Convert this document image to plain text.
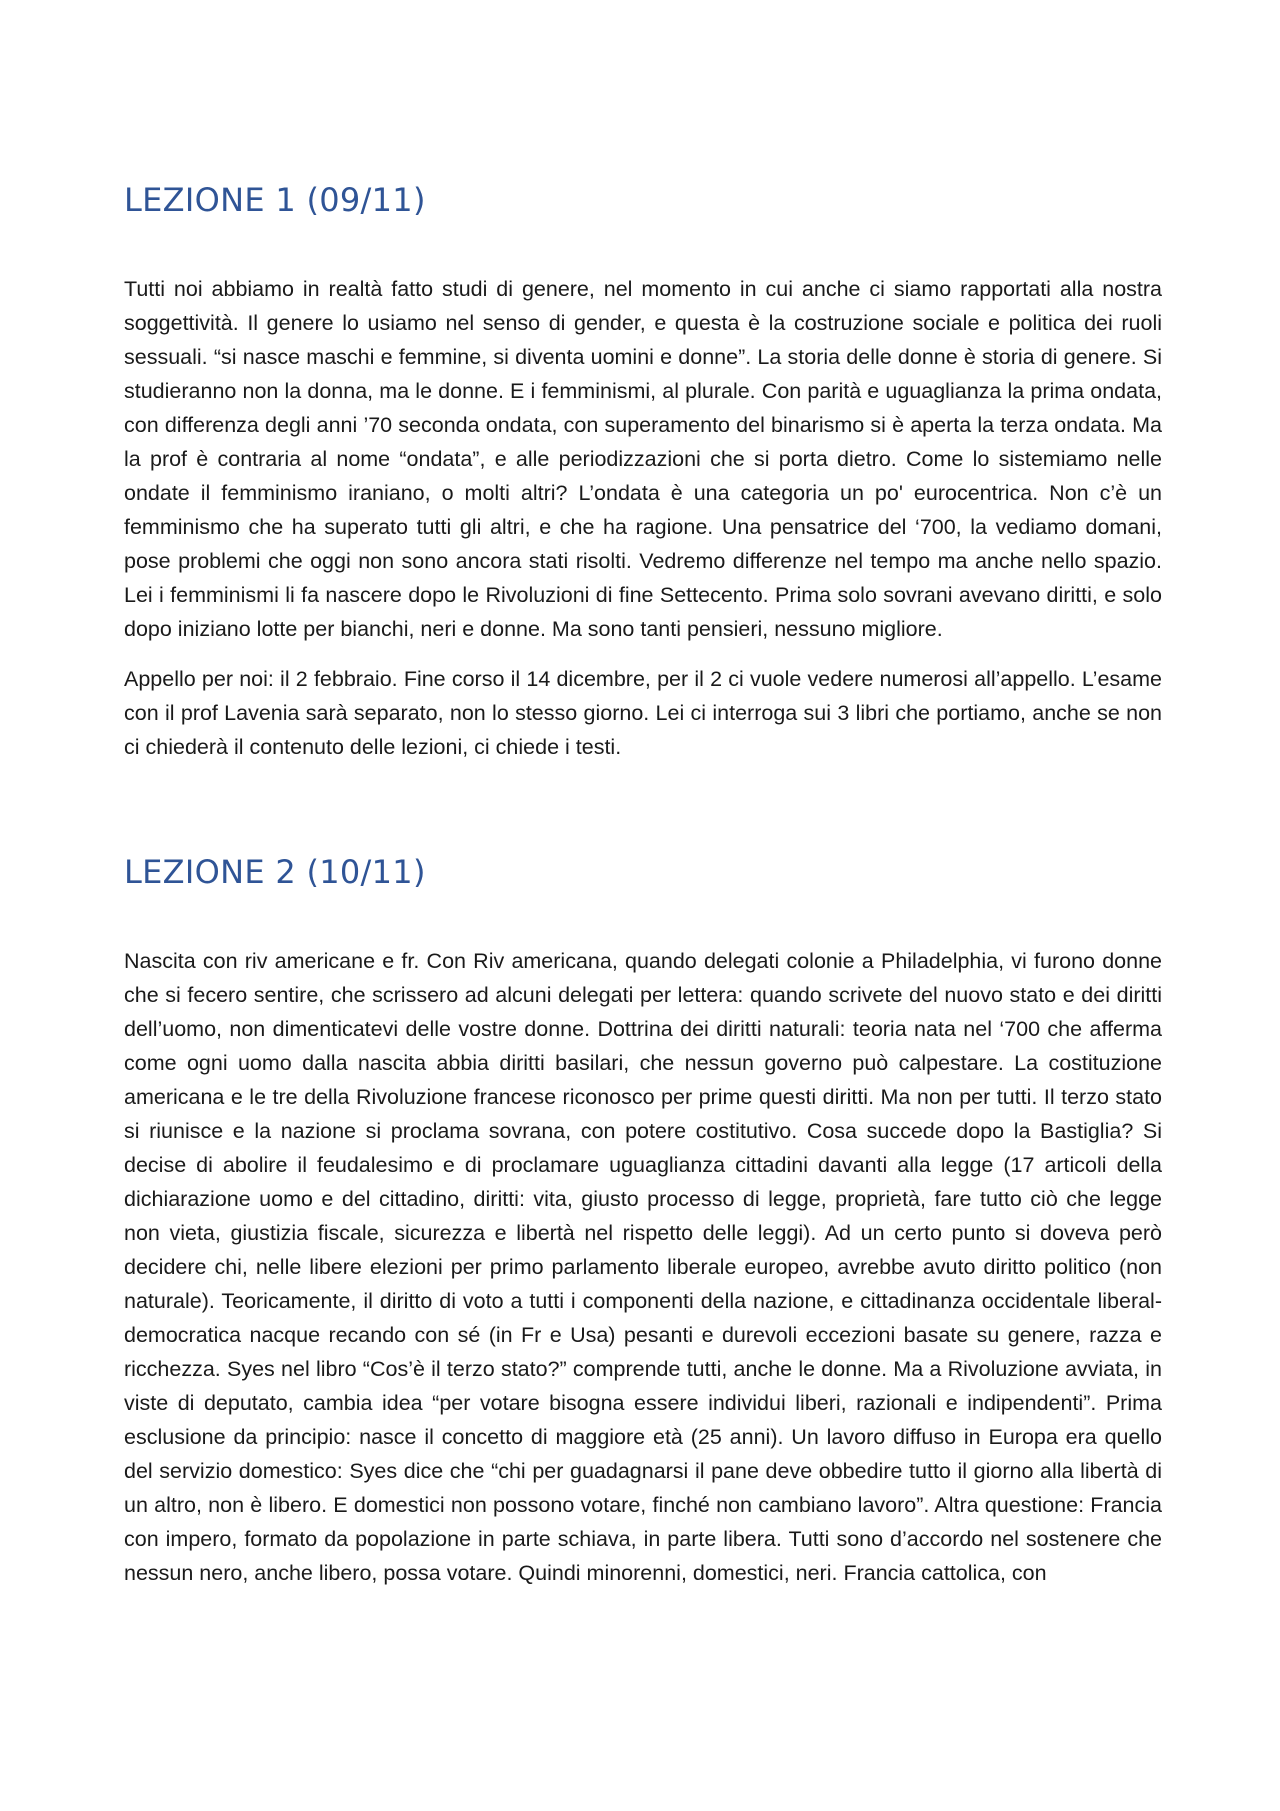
LEZIONE 1 (09/11)

Tutti noi abbiamo in realtà fatto studi di genere, nel momento in cui anche ci siamo rapportati alla nostra soggettività. Il genere lo usiamo nel senso di gender, e questa è la costruzione sociale e politica dei ruoli sessuali. “si nasce maschi e femmine, si diventa uomini e donne”. La storia delle donne è storia di genere. Si studieranno non la donna, ma le donne. E i femminismi, al plurale. Con parità e uguaglianza la prima ondata, con differenza degli anni ’70 seconda ondata, con superamento del binarismo si è aperta la terza ondata. Ma la prof è contraria al nome “ondata”, e alle periodizzazioni che si porta dietro. Come lo sistemiamo nelle ondate il femminismo iraniano, o molti altri? L’ondata è una categoria un po' eurocentrica. Non c’è un femminismo che ha superato tutti gli altri, e che ha ragione. Una pensatrice del ‘700, la vediamo domani, pose problemi che oggi non sono ancora stati risolti. Vedremo differenze nel tempo ma anche nello spazio. Lei i femminismi li fa nascere dopo le Rivoluzioni di fine Settecento. Prima solo sovrani avevano diritti, e solo dopo iniziano lotte per bianchi, neri e donne. Ma sono tanti pensieri, nessuno migliore.

Appello per noi: il 2 febbraio. Fine corso il 14 dicembre, per il 2 ci vuole vedere numerosi all’appello. L’esame con il prof Lavenia sarà separato, non lo stesso giorno. Lei ci interroga sui 3 libri che portiamo, anche se non ci chiederà il contenuto delle lezioni, ci chiede i testi.

LEZIONE 2 (10/11)

Nascita con riv americane e fr. Con Riv americana, quando delegati colonie a Philadelphia, vi furono donne che si fecero sentire, che scrissero ad alcuni delegati per lettera: quando scrivete del nuovo stato e dei diritti dell’uomo, non dimenticatevi delle vostre donne. Dottrina dei diritti naturali: teoria nata nel ‘700 che afferma come ogni uomo dalla nascita abbia diritti basilari, che nessun governo può calpestare. La costituzione americana e le tre della Rivoluzione francese riconosco per prime questi diritti. Ma non per tutti. Il terzo stato si riunisce e la nazione si proclama sovrana, con potere costitutivo. Cosa succede dopo la Bastiglia? Si decise di abolire il feudalesimo e di proclamare uguaglianza cittadini davanti alla legge (17 articoli della dichiarazione uomo e del cittadino, diritti: vita, giusto processo di legge, proprietà, fare tutto ciò che legge non vieta, giustizia fiscale, sicurezza e libertà nel rispetto delle leggi). Ad un certo punto si doveva però decidere chi, nelle libere elezioni per primo parlamento liberale europeo, avrebbe avuto diritto politico (non naturale). Teoricamente, il diritto di voto a tutti i componenti della nazione, e cittadinanza occidentale liberal-democratica nacque recando con sé (in Fr e Usa) pesanti e durevoli eccezioni basate su genere, razza e ricchezza. Syes nel libro “Cos’è il terzo stato?” comprende tutti, anche le donne. Ma a Rivoluzione avviata, in viste di deputato, cambia idea “per votare bisogna essere individui liberi, razionali e indipendenti”. Prima esclusione da principio: nasce il concetto di maggiore età (25 anni). Un lavoro diffuso in Europa era quello del servizio domestico: Syes dice che “chi per guadagnarsi il pane deve obbedire tutto il giorno alla libertà di un altro, non è libero. E domestici non possono votare, finché non cambiano lavoro”. Altra questione: Francia con impero, formato da popolazione in parte schiava, in parte libera. Tutti sono d’accordo nel sostenere che nessun nero, anche libero, possa votare. Quindi minorenni, domestici, neri. Francia cattolica, con
